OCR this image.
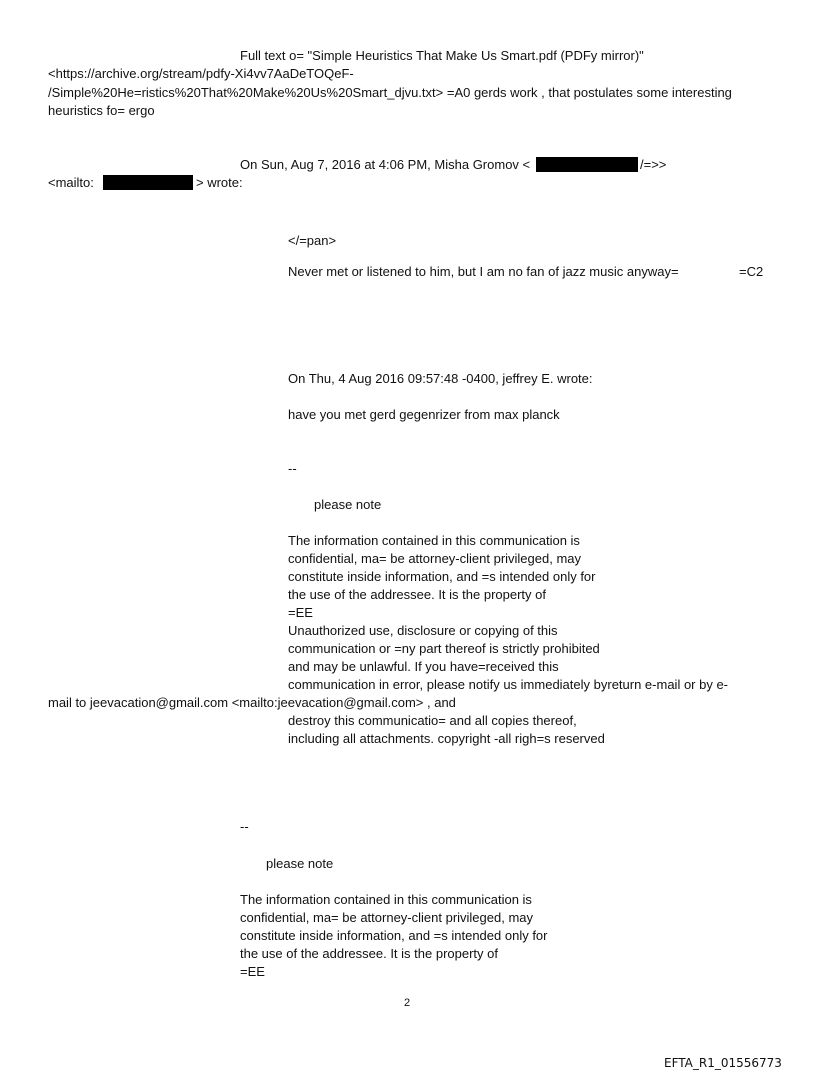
Full text o= "Simple Heuristics That Make Us Smart.pdf (PDFy mirror)"
<https://archive.org/stream/pdfy-Xi4vv7AaDeTOQeF-
/Simple%20He=ristics%20That%20Make%20Us%20Smart_djvu.txt> =A0 gerds work , that postulates some interesting
heuristics fo= ergo
On Sun, Aug 7, 2016 at 4:06 PM, Misha Gromov <	/=>>
<mailto:	> wrote:
</=pan>
Never met or listened to him, but I am no fan of jazz music anyway=	=C2
On Thu, 4 Aug 2016 09:57:48 -0400, jeffrey E. wrote:
have you met gerd gegenrizer from max planck
--
please note
The information contained in this communication is
confidential, ma= be attorney-client privileged, may
constitute inside information, and =s intended only for
the use of the addressee. It is the property of
=EE
Unauthorized use, disclosure or copying of this
communication or =ny part thereof is strictly prohibited
and may be unlawful. If you have=received this
communication in error, please notify us immediately byreturn e-mail or by e-
mail to jeevacation@gmail.com <mailto:jeevacation@gmail.com> , and
destroy this communicatio= and all copies thereof,
including all attachments. copyright -all righ=s reserved
--
please note
The information contained in this communication is
confidential, ma= be attorney-client privileged, may
constitute inside information, and =s intended only for
the use of the addressee. It is the property of
=EE
2
EFTA_R1_01556773
